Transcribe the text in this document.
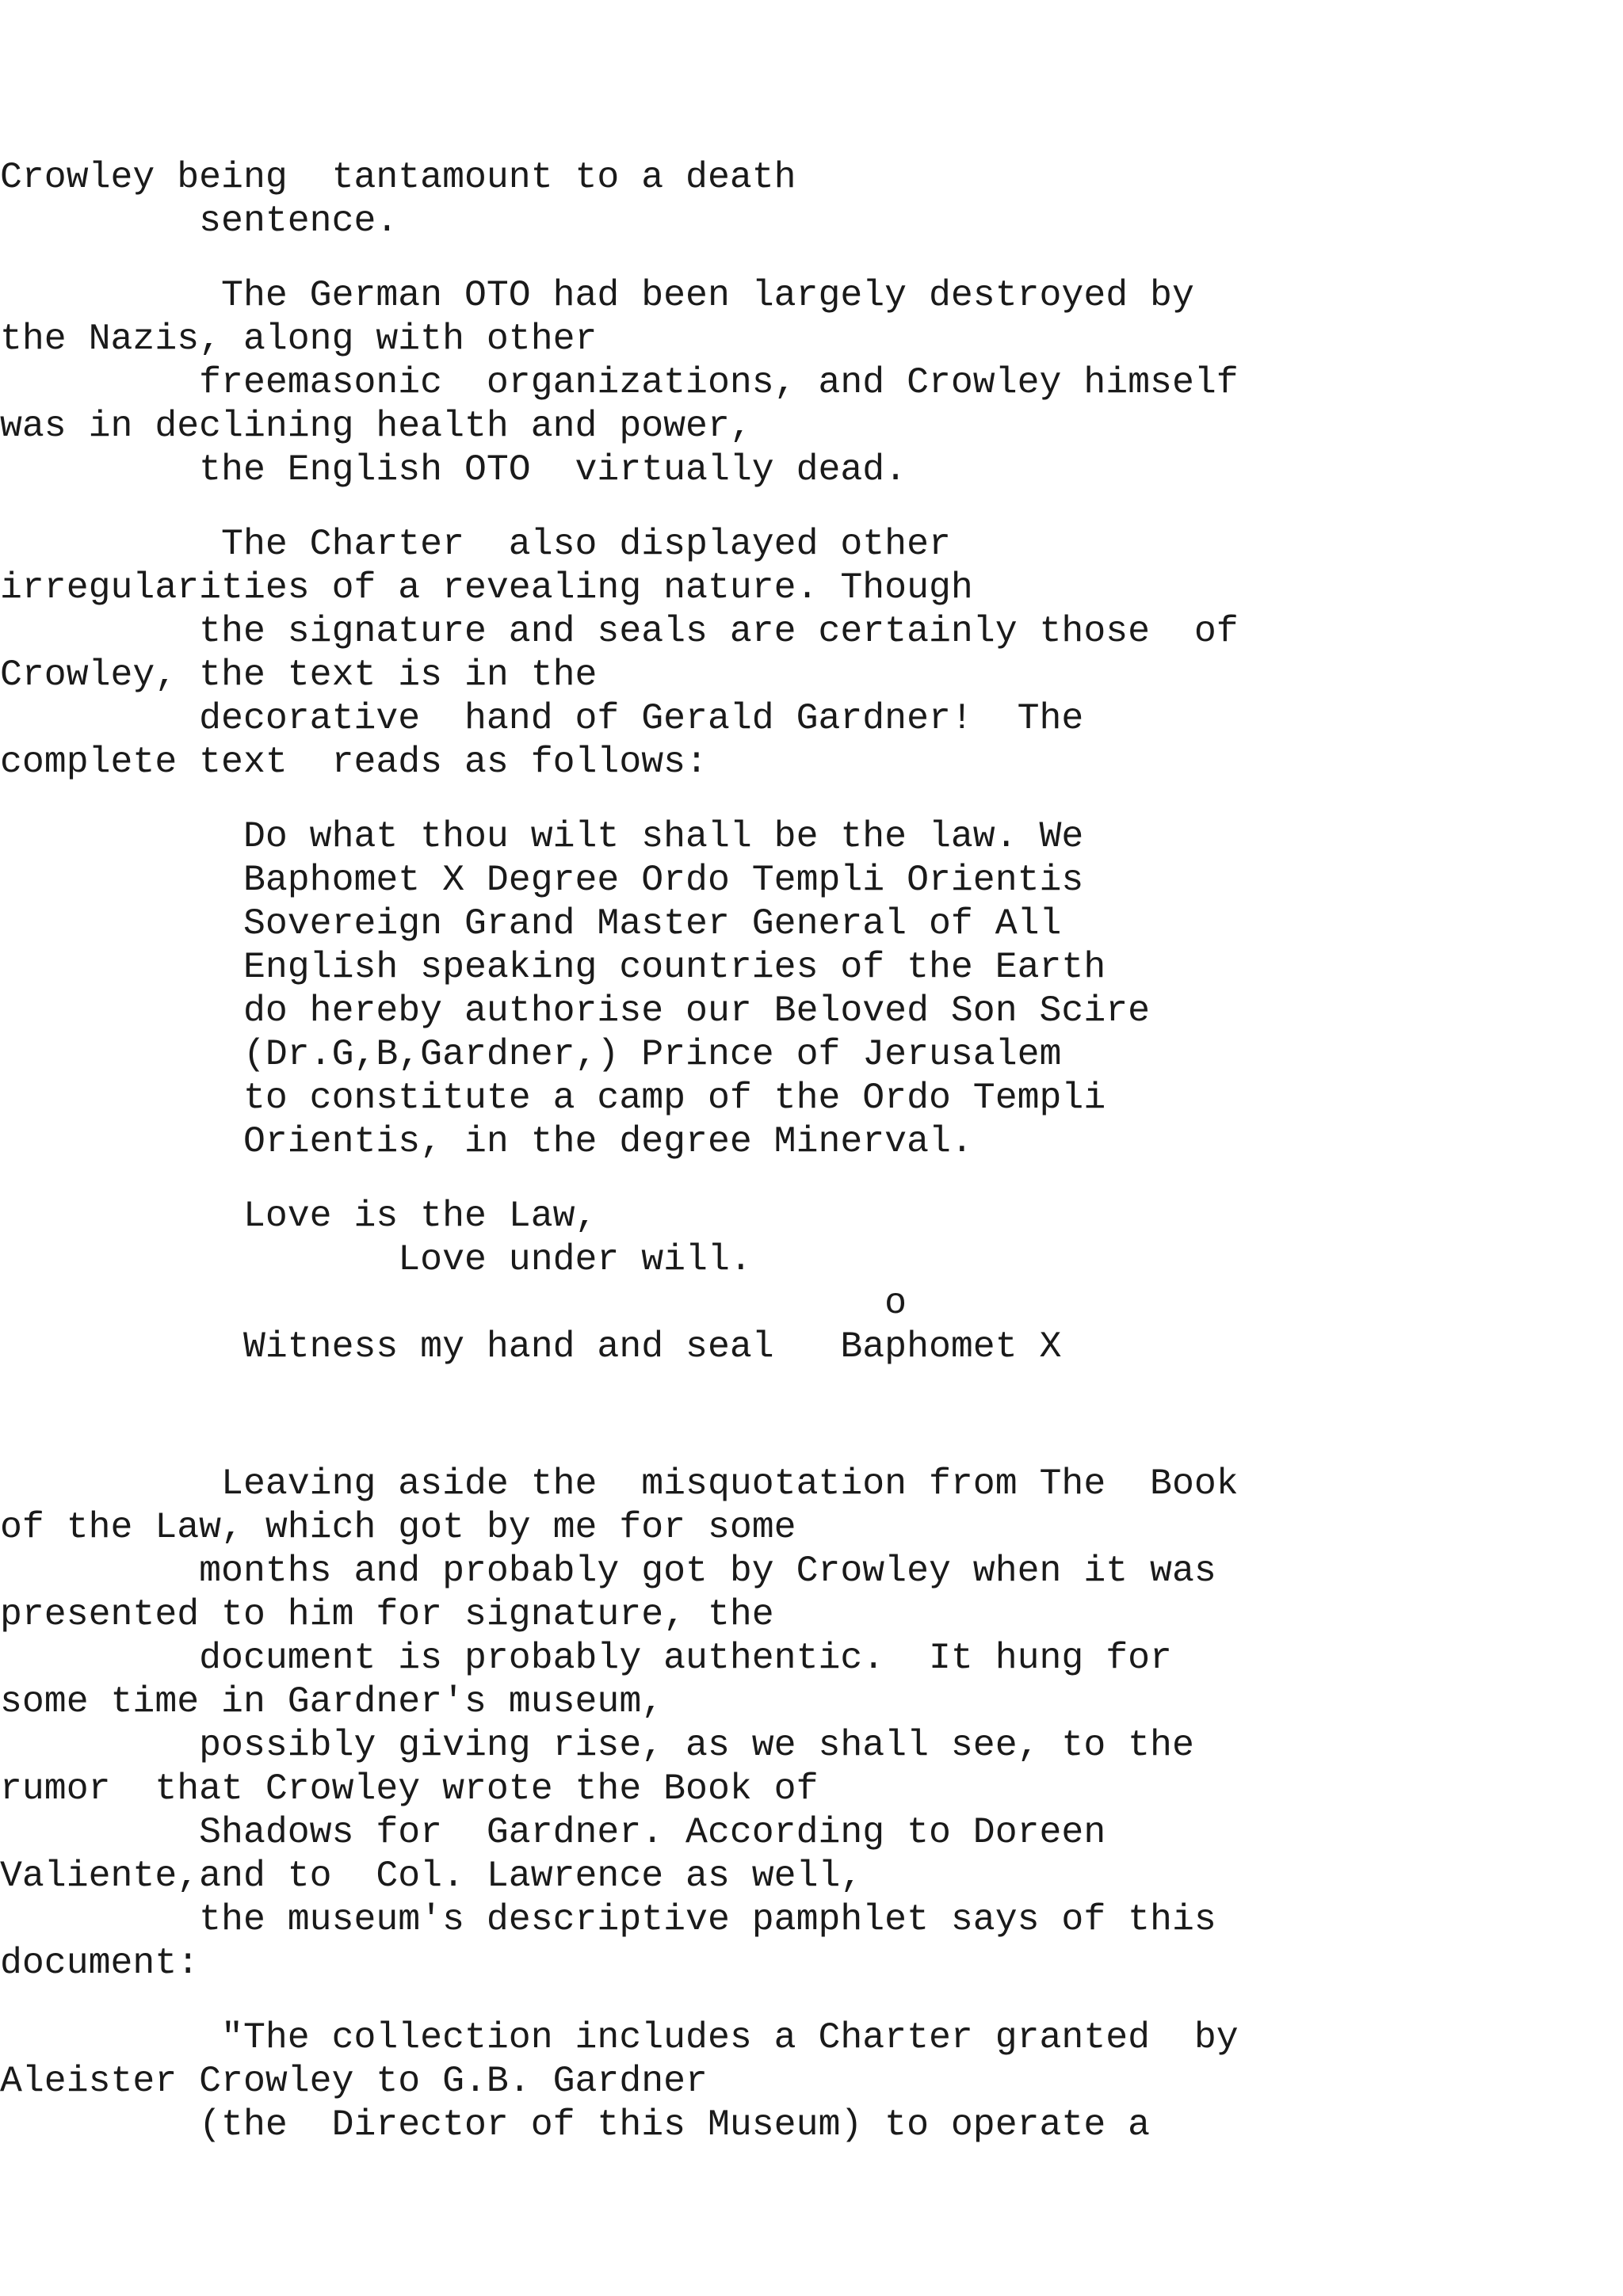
Crowley being  tantamount to a death

sentence.

The German OTO had been largely destroyed by

the Nazis, along with other

freemasonic  organizations, and Crowley himself

was in declining health and power,

the English OTO  virtually dead.

The Charter  also displayed other

irregularities of a revealing nature. Though

the signature and seals are certainly those  of

Crowley, the text is in the

decorative  hand of Gerald Gardner!  The

complete text  reads as follows:

Do what thou wilt shall be the law. We

Baphomet X Degree Ordo Templi Orientis

Sovereign Grand Master General of All

English speaking countries of the Earth

do hereby authorise our Beloved Son Scire

(Dr.G,B,Gardner,) Prince of Jerusalem

to constitute a camp of the Ordo Templi

Orientis, in the degree Minerval.

Love is the Law,

Love under will.

o

Witness my hand and seal   Baphomet X

Leaving aside the  misquotation from The  Book

of the Law, which got by me for some

months and probably got by Crowley when it was

presented to him for signature, the

document is probably authentic.  It hung for

some time in Gardner's museum,

possibly giving rise, as we shall see, to the

rumor  that Crowley wrote the Book of

Shadows for  Gardner. According to Doreen

Valiente,and to  Col. Lawrence as well,

the museum's descriptive pamphlet says of this

document:

"The collection includes a Charter granted  by

Aleister Crowley to G.B. Gardner

(the  Director of this Museum) to operate a
